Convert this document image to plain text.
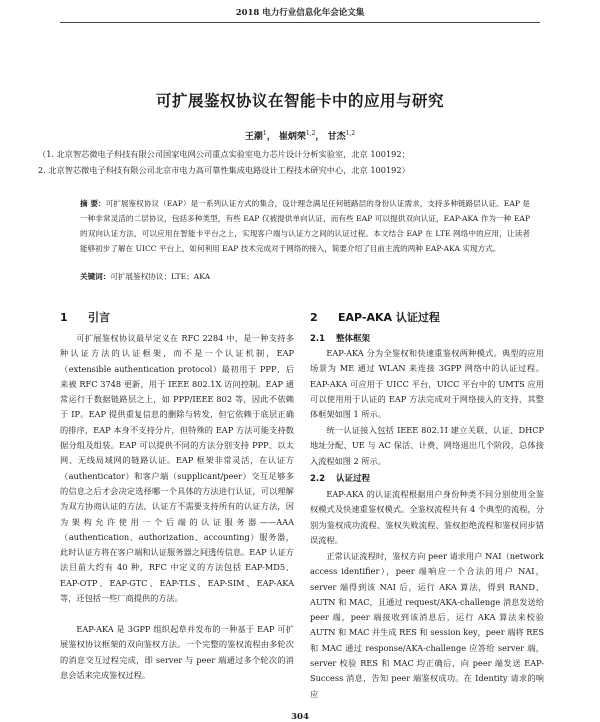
2018 电力行业信息化年会论文集
可扩展鉴权协议在智能卡中的应用与研究
王潮$^1$， 崔炳荣$^{1,2}$， 甘杰$^{1,2}$
（1. 北京智芯微电子科技有限公司国家电网公司重点实验室电力芯片设计分析实验室，北京 100192；
2. 北京智芯微电子科技有限公司北京市电力高可靠性集成电路设计工程技术研究中心，北京 100192）
摘 要：可扩展鉴权协议（EAP）是一系列认证方式的集合，设计理念满足任何链路层的身份认证需求，支持多种链路层认证。EAP 是一种非常灵活的二层协议，包括多种类型，有些 EAP 仅被提供单向认证，而有些 EAP 可以提供双向认证，EAP-AKA 作为一种 EAP 的双向认证方法，可以应用在智能卡平台之上，实现客户端与认证方之间的认证过程。本文结合 EAP 在 LTE 网络中的应用，让读者能够初步了解在 UICC 平台上，如何利用 EAP 技术完成对于网络的接入，简要介绍了目前主流的两种 EAP-AKA 实现方式。
关键词：可扩展鉴权协议；LTE；AKA
1 引言
可扩展鉴权协议最早定义在 RFC 2284 中，是一种支持多种认证方法的认证框架，而不是一个认证机制，EAP（extensible authentication protocol）最初用于 PPP，后来被 RFC 3748 更新，用于 IEEE 802.1X 访问控制。EAP 通常运行于数据链路层之上，如 PPP/IEEE 802 等，因此不依赖于 IP。EAP 提供重复信息的删除与转发，但它依赖于底层正确的排序，EAP 本身不支持分片，但特殊的 EAP 方法可能支持数据分组及组装。EAP 可以提供不同的方法分别支持 PPP、以太网、无线局域网的链路认证。EAP 框架非常灵活，在认证方（authenticator）和客户端（supplicant/peer）交互足够多的信息之后才会决定选择哪一个具体的方法进行认证，可以理解为双方协商认证的方法，认证方不需要支持所有的认证方法，因为架构允许使用一个后端的认证服务器——AAA（authentication、authorization、accounting）服务器，此时认证方将在客户端和认证服务器之间透传信息。EAP 认证方法目前大约有 40 种，RFC 中定义的方法包括 EAP-MD5、EAP-OTP、EAP-GTC、EAP-TLS、EAP-SIM、EAP-AKA 等，还包括一些厂商提供的方法。
EAP-AKA 是 3GPP 组织起草并发布的一种基于 EAP 可扩展鉴权协议框架的双向鉴权方法。一个完整的鉴权流程由多轮次的消息交互过程完成，即 server 与 peer 端通过多个轮次的消息会话来完成鉴权过程。
2 EAP-AKA 认证过程
2.1 整体框架
EAP-AKA 分为全鉴权和快速重鉴权两种模式。典型的应用场景为 ME 通过 WLAN 来连接 3GPP 网络中的认证过程。EAP-AKA 可应用于 UICC 平台，UICC 平台中的 UMTS 应用可以使用用于认证的 EAP 方法完成对于网络接入的支持，其整体框架如图 1 所示。
统一认证接入包括 IEEE 802.1I 建立关联、认证、DHCP 地址分配、UE 与 AC 保活、计费、网络退出几个阶段，总体接入流程如图 2 所示。
2.2 认证过程
EAP-AKA 的认证流程根据用户身份种类不同分别使用全鉴权模式及快速重鉴权模式。全鉴权流程共有 4 个典型的流程，分别为鉴权成功流程、鉴权失败流程、鉴权拒绝流程和鉴权同步错误流程。
正常认证流程时，鉴权方向 peer 请求用户 NAI（network access identifier），peer 端响应一个合法的用户 NAI，server 端得到该 NAI 后，运行 AKA 算法，得到 RAND、AUTN 和 MAC，且通过 request/AKA-challenge 消息发送给 peer 端，peer 端接收到该消息后，运行 AKA 算法来校验 AUTN 和 MAC 并生成 RES 和 session key，peer 端将 RES 和 MAC 通过 response/AKA-challenge 应答给 server 端，server 校验 RES 和 MAC 均正确后，向 peer 端发送 EAP-Success 消息，告知 peer 端鉴权成功。在 Identity 请求的响应
304
